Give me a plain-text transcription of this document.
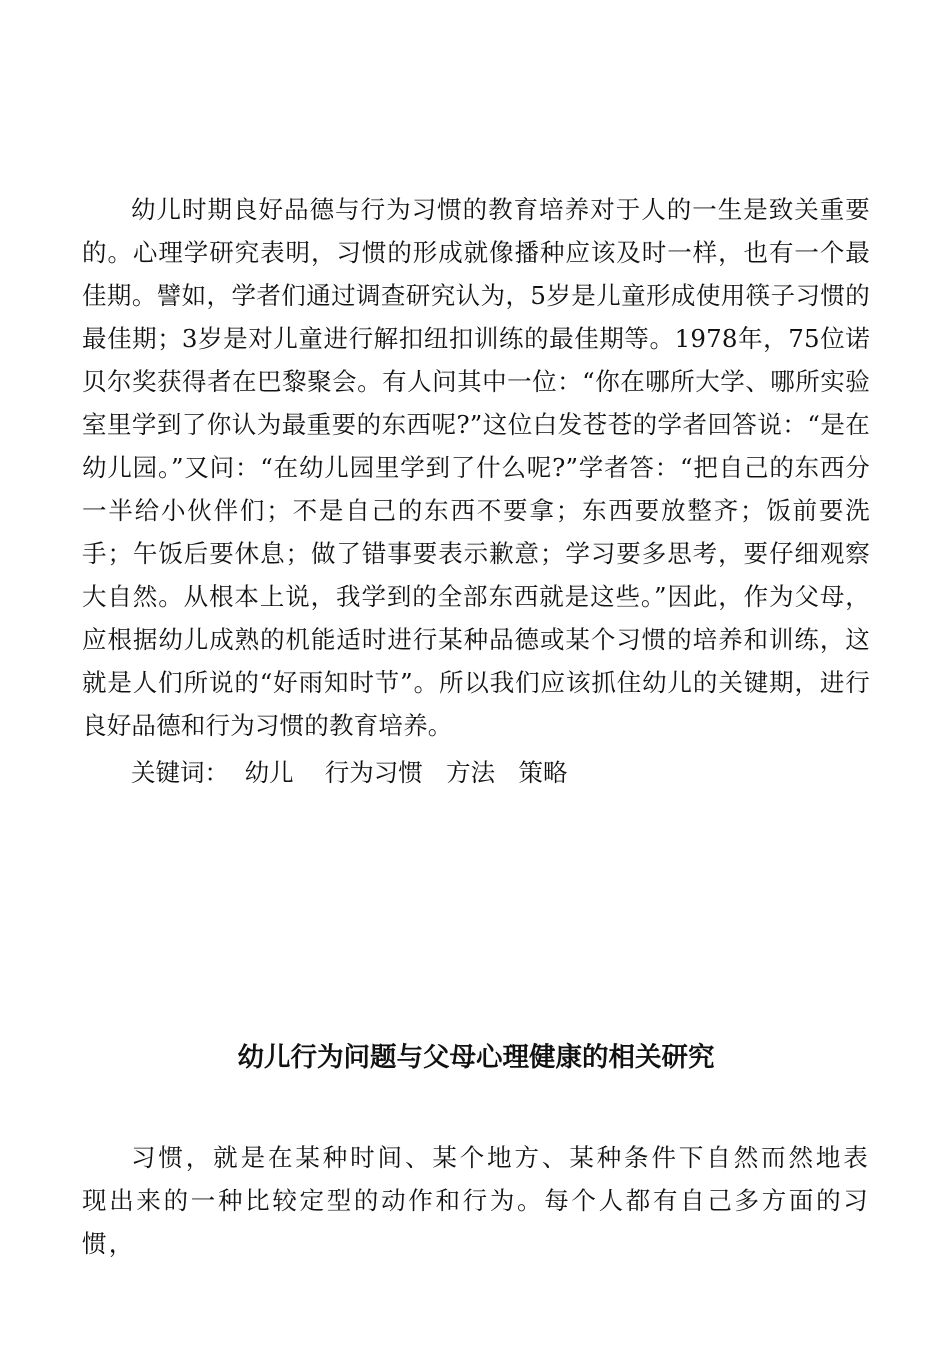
幼儿时期良好品德与行为习惯的教育培养对于人的一生是致关重要的。心理学研究表明，习惯的形成就像播种应该及时一样，也有一个最佳期。譬如，学者们通过调查研究认为，5岁是儿童形成使用筷子习惯的最佳期；3岁是对儿童进行解扣纽扣训练的最佳期等。1978年，75位诺贝尔奖获得者在巴黎聚会。有人问其中一位：“你在哪所大学、哪所实验室里学到了你认为最重要的东西呢?”这位白发苍苍的学者回答说：“是在幼儿园。”又问：“在幼儿园里学到了什么呢?”学者答：“把自己的东西分一半给小伙伴们；不是自己的东西不要拿；东西要放整齐；饭前要洗手；午饭后要休息；做了错事要表示歉意；学习要多思考，要仔细观察大自然。从根本上说，我学到的全部东西就是这些。”因此，作为父母，应根据幼儿成熟的机能适时进行某种品德或某个习惯的培养和训练，这就是人们所说的“好雨知时节”。所以我们应该抓住幼儿的关键期，进行良好品德和行为习惯的教育培养。

关键词： 幼儿 行为习惯 方法 策略

幼儿行为问题与父母心理健康的相关研究

习惯，就是在某种时间、某个地方、某种条件下自然而然地表现出来的一种比较定型的动作和行为。每个人都有自己多方面的习惯，
